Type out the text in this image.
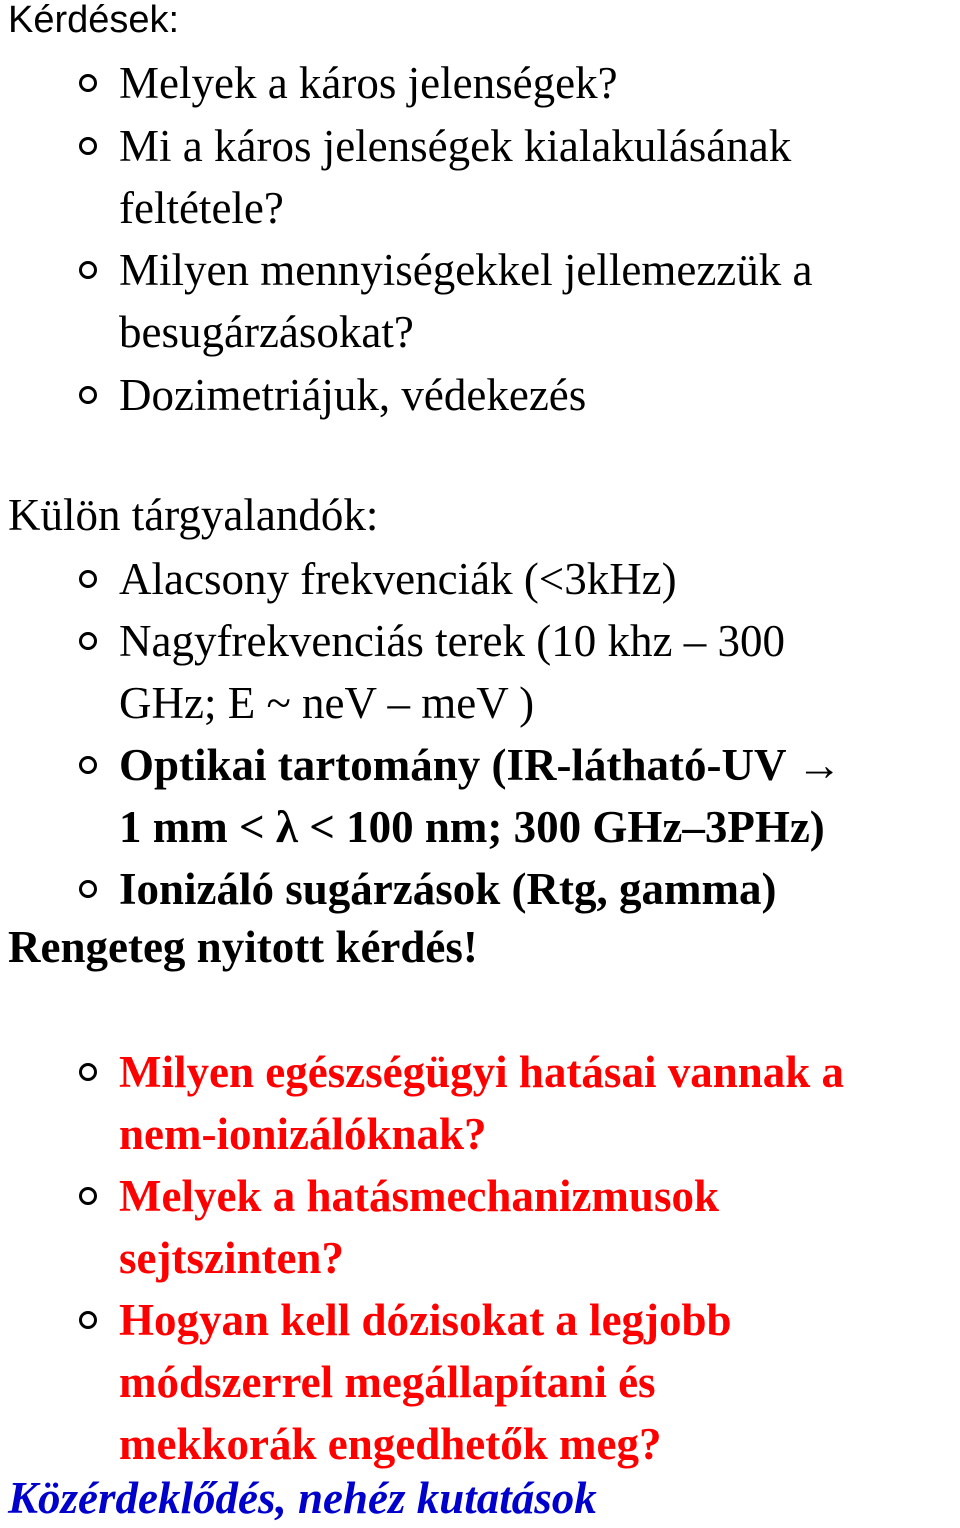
Kérdések:
Melyek a káros jelenségek?
Mi a káros jelenségek kialakulásának
feltétele?
Milyen mennyiségekkel jellemezzük a
besugárzásokat?
Dozimetriájuk, védekezés
Külön tárgyalandók:
Alacsony frekvenciák (<3kHz)
Nagyfrekvenciás terek (10 khz – 300
GHz; E ~ neV – meV )
Optikai tartomány (IR-látható-UV →
1 mm < λ < 100 nm; 300 GHz–3PHz)
Ionizáló sugárzások (Rtg, gamma)
Rengeteg nyitott kérdés!
Milyen egészségügyi hatásai vannak a
nem-ionizálóknak?
Melyek a hatásmechanizmusok
sejtszinten?
Hogyan kell dózisokat a legjobb
módszerrel megállapítani és
mekkorák engedhetők meg?
Közérdeklődés, nehéz kutatások
